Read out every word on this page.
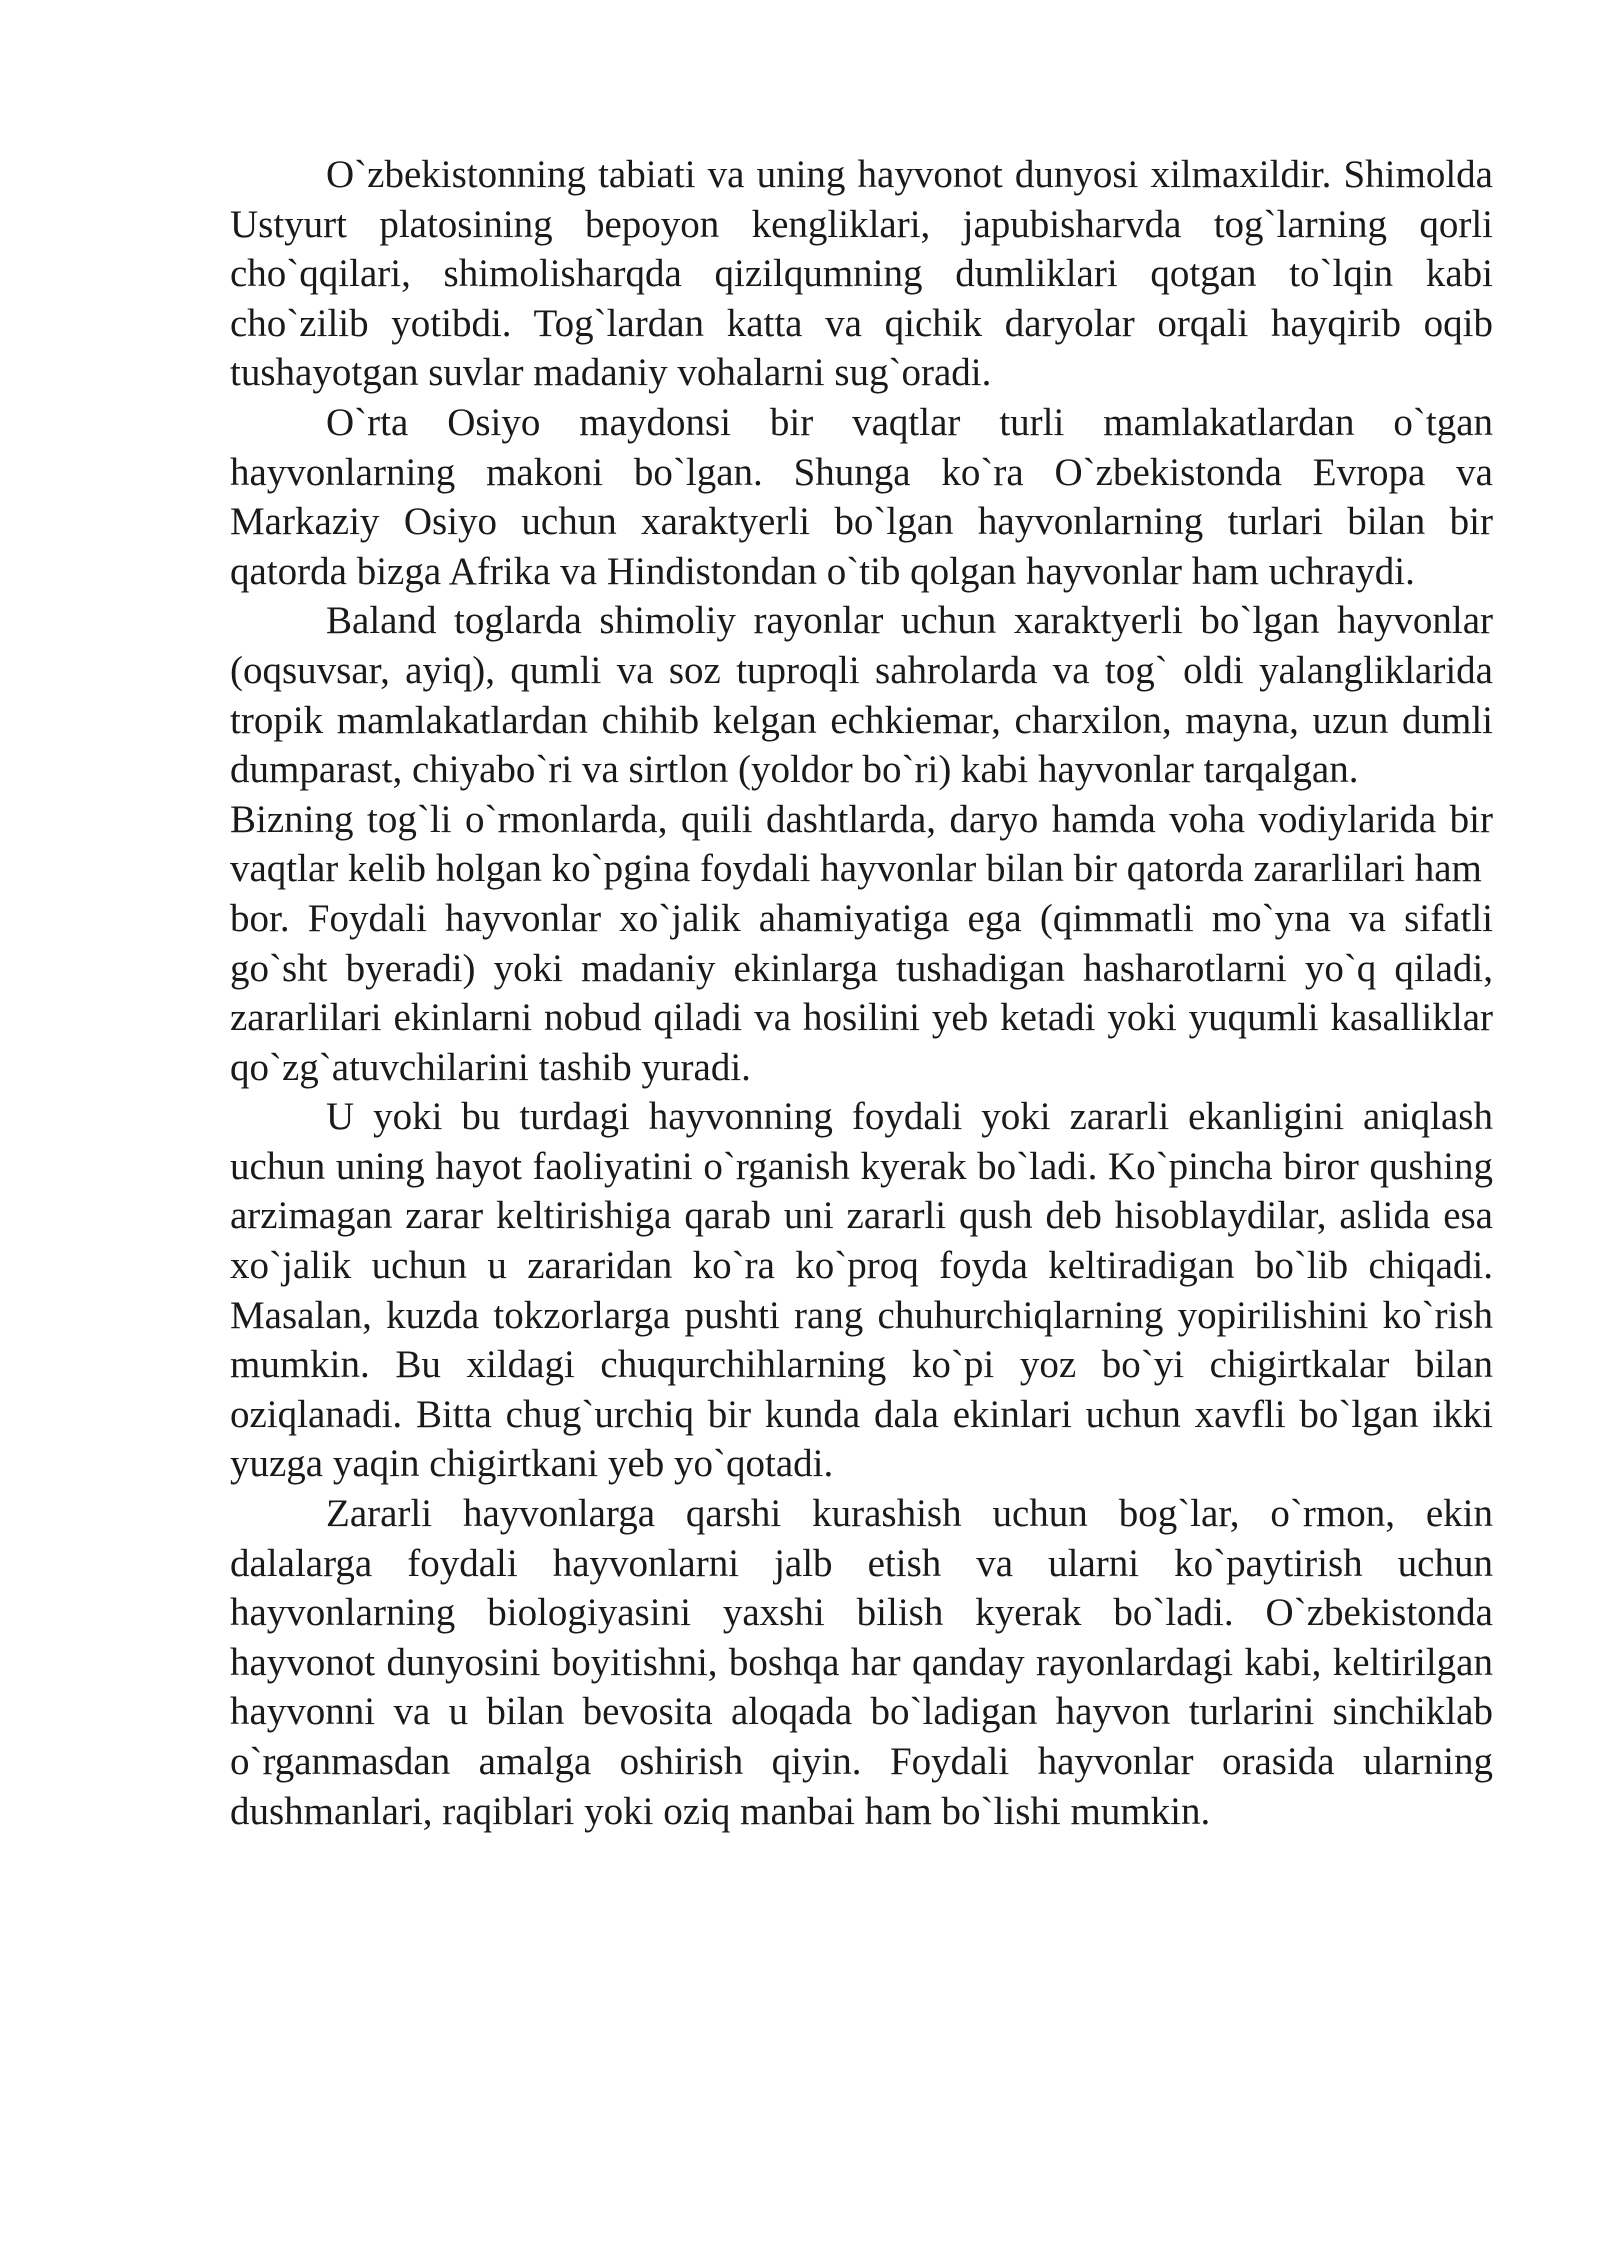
O`zbekistonning tabiati va uning hayvonot dunyosi xilmaxildir. Shimolda Ustyurt platosining bepoyon kengliklari, japubisharvda tog`larning qorli cho`qqilari, shimolisharqda qizilqumning dumliklari qotgan to`lqin kabi cho`zilib yotibdi. Tog`lardan katta va qichik daryolar orqali hayqirib oqib tushayotgan suvlar madaniy vohalarni sug`oradi.

O`rta Osiyo maydonsi bir vaqtlar turli mamlakatlardan o`tgan hayvonlarning makoni bo`lgan. Shunga ko`ra O`zbekistonda Evropa va Markaziy Osiyo uchun xaraktyerli bo`lgan hayvonlarning turlari bilan bir qatorda bizga Afrika va Hindistondan o`tib qolgan hayvonlar ham uchraydi.

Baland toglarda shimoliy rayonlar uchun xaraktyerli bo`lgan hayvonlar (oqsuvsar, ayiq), qumli va soz tuproqli sahrolarda va tog` oldi yalangliklarida tropik mamlakatlardan chihib kelgan echkiemar, charxilon, mayna, uzun dumli dumparast, chiyabo`ri va sirtlon (yoldor bo`ri) kabi hayvonlar tarqalgan.

Bizning tog`li o`rmonlarda, quili dashtlarda, daryo hamda voha vodiylarida bir vaqtlar kelib holgan ko`pgina foydali hayvonlar bilan bir qatorda zararlilari ham

bor. Foydali hayvonlar xo`jalik ahamiyatiga ega (qimmatli mo`yna va sifatli go`sht byeradi) yoki madaniy ekinlarga tushadigan hasharotlarni yo`q qiladi, zararlilari ekinlarni nobud qiladi va hosilini yeb ketadi yoki yuqumli kasalliklar qo`zg`atuvchilarini tashib yuradi.

U yoki bu turdagi hayvonning foydali yoki zararli ekanligini aniqlash uchun uning hayot faoliyatini o`rganish kyerak bo`ladi. Ko`pincha biror qushing arzimagan zarar keltirishiga qarab uni zararli qush deb hisoblaydilar, aslida esa xo`jalik uchun u zararidan ko`ra ko`proq foyda keltiradigan bo`lib chiqadi. Masalan, kuzda tokzorlarga pushti rang chuhurchiqlarning yopirilishini ko`rish mumkin. Bu xildagi chuqurchihlarning ko`pi yoz bo`yi chigirtkalar bilan oziqlanadi. Bitta chug`urchiq bir kunda dala ekinlari uchun xavfli bo`lgan ikki yuzga yaqin chigirtkani yeb yo`qotadi.

Zararli hayvonlarga qarshi kurashish uchun bog`lar, o`rmon, ekin dalalarga foydali hayvonlarni jalb etish va ularni ko`paytirish uchun hayvonlarning biologiyasini yaxshi bilish kyerak bo`ladi. O`zbekistonda hayvonot dunyosini boyitishni, boshqa har qanday rayonlardagi kabi, keltirilgan hayvonni va u bilan bevosita aloqada bo`ladigan hayvon turlarini sinchiklab o`rganmasdan amalga oshirish qiyin. Foydali hayvonlar orasida ularning dushmanlari, raqiblari yoki oziq manbai ham bo`lishi mumkin.
